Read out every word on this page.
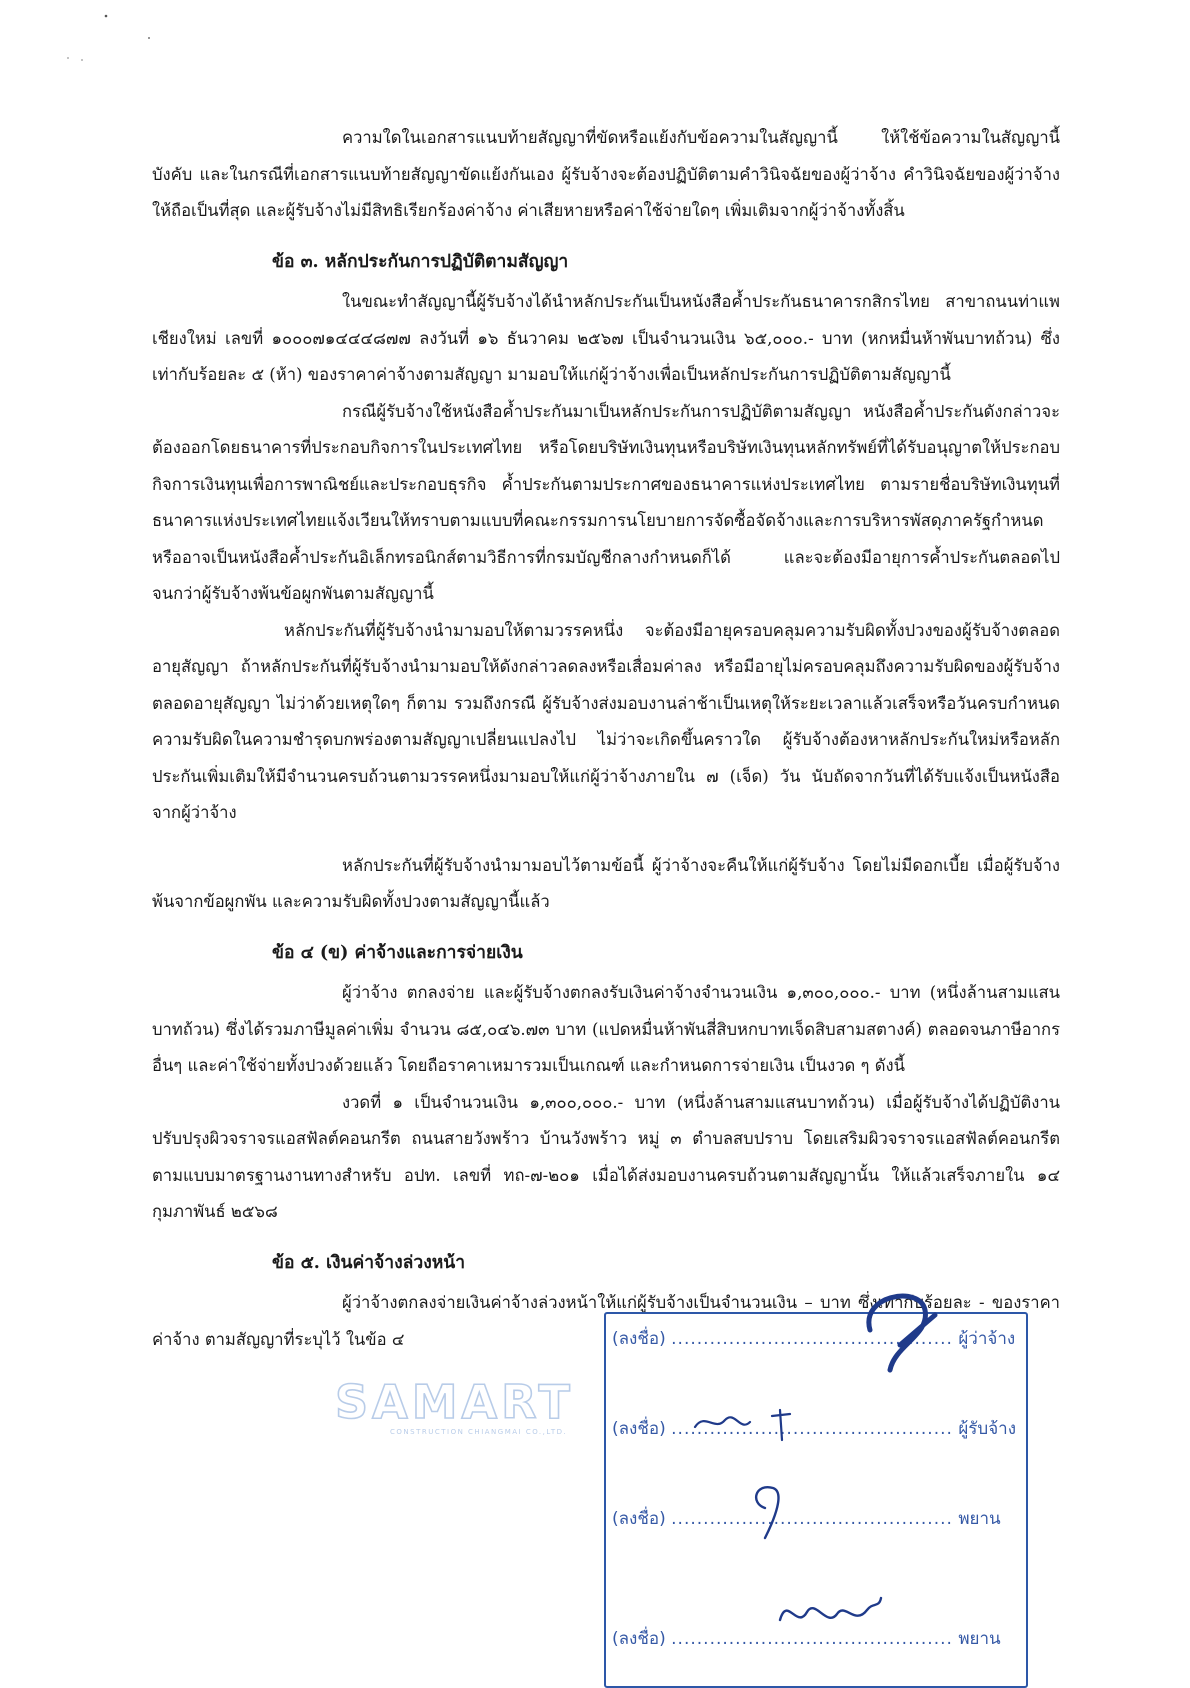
ความใดในเอกสารแนบท้ายสัญญาที่ขัดหรือแย้งกับข้อความในสัญญานี้ ให้ใช้ข้อความในสัญญานี้บังคับ และในกรณีที่เอกสารแนบท้ายสัญญาขัดแย้งกันเอง ผู้รับจ้างจะต้องปฏิบัติตามคำวินิจฉัยของผู้ว่าจ้าง คำวินิจฉัยของผู้ว่าจ้างให้ถือเป็นที่สุด และผู้รับจ้างไม่มีสิทธิเรียกร้องค่าจ้าง ค่าเสียหายหรือค่าใช้จ่ายใดๆ เพิ่มเติมจากผู้ว่าจ้างทั้งสิ้น

ข้อ ๓. หลักประกันการปฏิบัติตามสัญญา

ในขณะทำสัญญานี้ผู้รับจ้างได้นำหลักประกันเป็นหนังสือค้ำประกันธนาคารกสิกรไทย สาขาถนนท่าแพ เชียงใหม่ เลขที่ ๑๐๐๐๗๑๔๔๔๘๗๗ ลงวันที่ ๑๖ ธันวาคม ๒๕๖๗ เป็นจำนวนเงิน ๖๕,๐๐๐.- บาท (หกหมื่นห้าพันบาทถ้วน) ซึ่งเท่ากับร้อยละ ๕ (ห้า) ของราคาค่าจ้างตามสัญญา มามอบให้แก่ผู้ว่าจ้างเพื่อเป็นหลักประกันการปฏิบัติตามสัญญานี้

กรณีผู้รับจ้างใช้หนังสือค้ำประกันมาเป็นหลักประกันการปฏิบัติตามสัญญา หนังสือค้ำประกันดังกล่าวจะต้องออกโดยธนาคารที่ประกอบกิจการในประเทศไทย หรือโดยบริษัทเงินทุนหรือบริษัทเงินทุนหลักทรัพย์ที่ได้รับอนุญาตให้ประกอบกิจการเงินทุนเพื่อการพาณิชย์และประกอบธุรกิจ ค้ำประกันตามประกาศของธนาคารแห่งประเทศไทย ตามรายชื่อบริษัทเงินทุนที่ธนาคารแห่งประเทศไทยแจ้งเวียนให้ทราบตามแบบที่คณะกรรมการนโยบายการจัดซื้อจัดจ้างและการบริหารพัสดุภาครัฐกำหนดหรืออาจเป็นหนังสือค้ำประกันอิเล็กทรอนิกส์ตามวิธีการที่กรมบัญชีกลางกำหนดก็ได้ และจะต้องมีอายุการค้ำประกันตลอดไปจนกว่าผู้รับจ้างพ้นข้อผูกพันตามสัญญานี้

หลักประกันที่ผู้รับจ้างนำมามอบให้ตามวรรคหนึ่ง จะต้องมีอายุครอบคลุมความรับผิดทั้งปวงของผู้รับจ้างตลอดอายุสัญญา ถ้าหลักประกันที่ผู้รับจ้างนำมามอบให้ดังกล่าวลดลงหรือเสื่อมค่าลง หรือมีอายุไม่ครอบคลุมถึงความรับผิดของผู้รับจ้างตลอดอายุสัญญา ไม่ว่าด้วยเหตุใดๆ ก็ตาม รวมถึงกรณี ผู้รับจ้างส่งมอบงานล่าช้าเป็นเหตุให้ระยะเวลาแล้วเสร็จหรือวันครบกำหนดความรับผิดในความชำรุดบกพร่องตามสัญญาเปลี่ยนแปลงไป ไม่ว่าจะเกิดขึ้นคราวใด ผู้รับจ้างต้องหาหลักประกันใหม่หรือหลักประกันเพิ่มเติมให้มีจำนวนครบถ้วนตามวรรคหนึ่งมามอบให้แก่ผู้ว่าจ้างภายใน ๗ (เจ็ด) วัน นับถัดจากวันที่ได้รับแจ้งเป็นหนังสือจากผู้ว่าจ้าง

หลักประกันที่ผู้รับจ้างนำมามอบไว้ตามข้อนี้ ผู้ว่าจ้างจะคืนให้แก่ผู้รับจ้าง โดยไม่มีดอกเบี้ย เมื่อผู้รับจ้างพ้นจากข้อผูกพัน และความรับผิดทั้งปวงตามสัญญานี้แล้ว

ข้อ ๔ (ข) ค่าจ้างและการจ่ายเงิน

ผู้ว่าจ้าง ตกลงจ่าย และผู้รับจ้างตกลงรับเงินค่าจ้างจำนวนเงิน ๑,๓๐๐,๐๐๐.- บาท (หนึ่งล้านสามแสนบาทถ้วน) ซึ่งได้รวมภาษีมูลค่าเพิ่ม จำนวน ๘๕,๐๔๖.๗๓ บาท (แปดหมื่นห้าพันสี่สิบหกบาทเจ็ดสิบสามสตางค์) ตลอดจนภาษีอากรอื่นๆ และค่าใช้จ่ายทั้งปวงด้วยแล้ว โดยถือราคาเหมารวมเป็นเกณฑ์ และกำหนดการจ่ายเงิน เป็นงวด ๆ ดังนี้

งวดที่ ๑ เป็นจำนวนเงิน ๑,๓๐๐,๐๐๐.- บาท (หนึ่งล้านสามแสนบาทถ้วน) เมื่อผู้รับจ้างได้ปฏิบัติงานปรับปรุงผิวจราจรแอสฟัลต์คอนกรีต ถนนสายวังพร้าว บ้านวังพร้าว หมู่ ๓ ตำบลสบปราบ โดยเสริมผิวจราจรแอสฟัลต์คอนกรีต ตามแบบมาตรฐานงานทางสำหรับ อปท. เลขที่ ทถ-๗-๒๐๑ เมื่อได้ส่งมอบงานครบถ้วนตามสัญญานั้น ให้แล้วเสร็จภายใน ๑๔ กุมภาพันธ์ ๒๕๖๘

ข้อ ๕. เงินค่าจ้างล่วงหน้า

ผู้ว่าจ้างตกลงจ่ายเงินค่าจ้างล่วงหน้าให้แก่ผู้รับจ้างเป็นจำนวนเงิน – บาท ซึ่งเท่ากับร้อยละ - ของราคาค่าจ้าง ตามสัญญาที่ระบุไว้ ในข้อ ๔

SAMART
CONSTRUCTION CHIANGMAI CO.,LTD.
(ลงชื่อ) ............................................ ผู้ว่าจ้าง
(ลงชื่อ) ............................................ ผู้รับจ้าง
(ลงชื่อ) ............................................ พยาน
(ลงชื่อ) ............................................ พยาน
